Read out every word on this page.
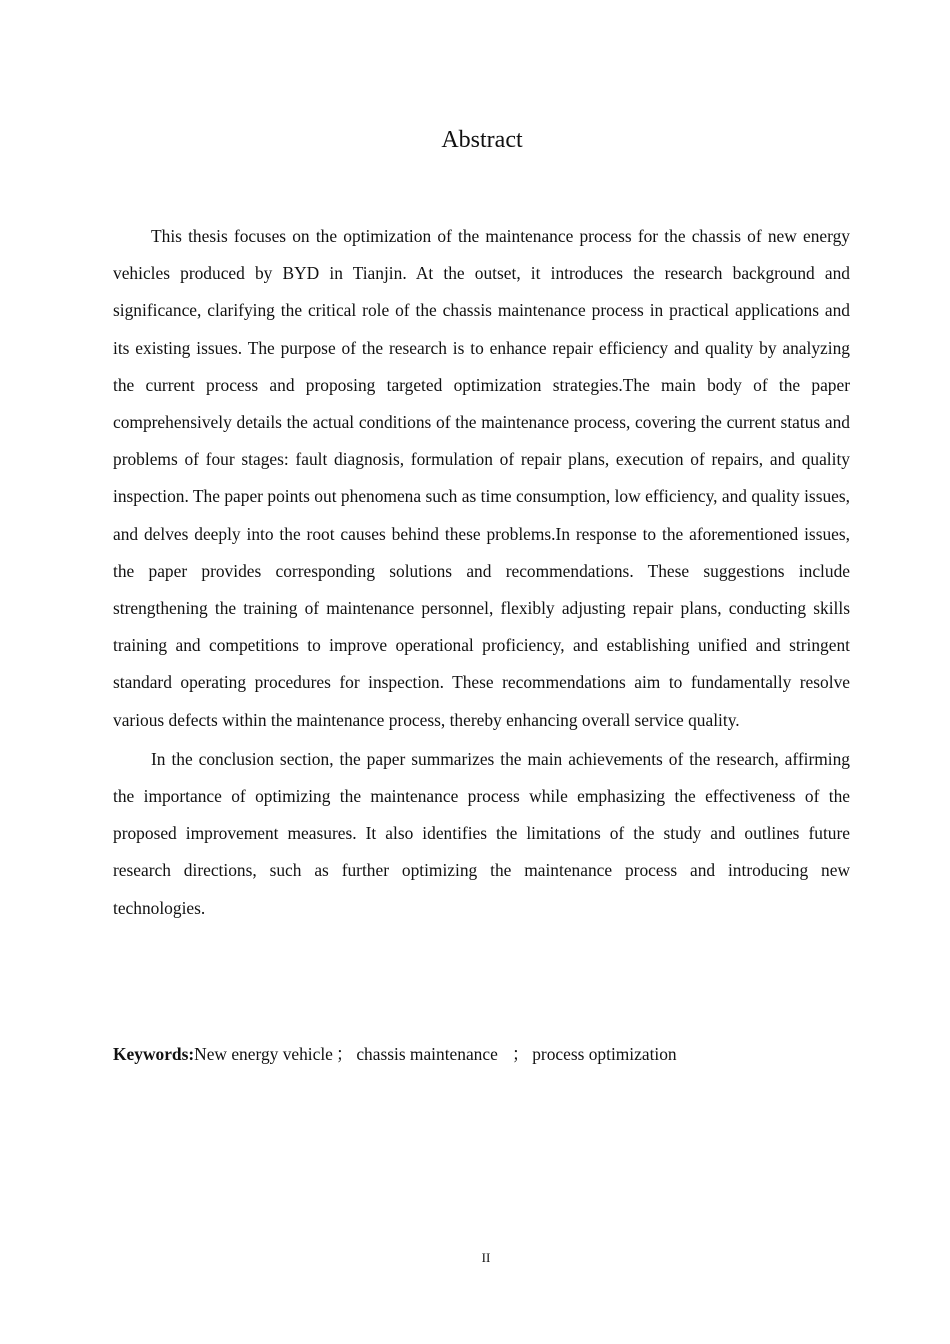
Abstract

This thesis focuses on the optimization of the maintenance process for the chassis of new energy vehicles produced by BYD in Tianjin. At the outset, it introduces the research background and significance, clarifying the critical role of the chassis maintenance process in practical applications and its existing issues. The purpose of the research is to enhance repair efficiency and quality by analyzing the current process and proposing targeted optimization strategies.The main body of the paper comprehensively details the actual conditions of the maintenance process, covering the current status and problems of four stages: fault diagnosis, formulation of repair plans, execution of repairs, and quality inspection. The paper points out phenomena such as time consumption, low efficiency, and quality issues, and delves deeply into the root causes behind these problems.In response to the aforementioned issues, the paper provides corresponding solutions and recommendations. These suggestions include strengthening the training of maintenance personnel, flexibly adjusting repair plans, conducting skills training and competitions to improve operational proficiency, and establishing unified and stringent standard operating procedures for inspection. These recommendations aim to fundamentally resolve various defects within the maintenance process, thereby enhancing overall service quality.

In the conclusion section, the paper summarizes the main achievements of the research, affirming the importance of optimizing the maintenance process while emphasizing the effectiveness of the proposed improvement measures. It also identifies the limitations of the study and outlines future research directions, such as further optimizing the maintenance process and introducing new technologies.

Keywords:New energy vehicle ； chassis maintenance ； process optimization
II
